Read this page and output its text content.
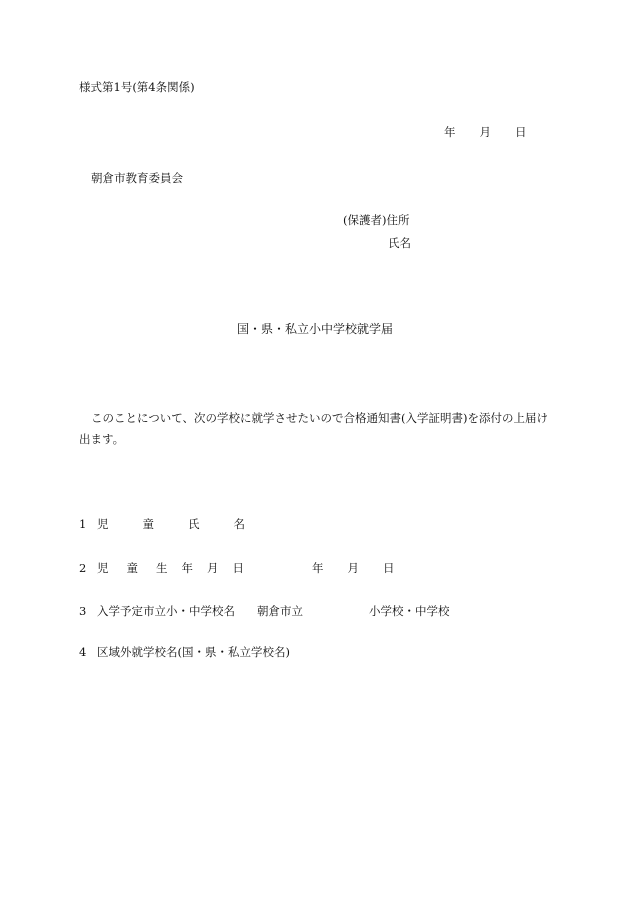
様式第1号(第4条関係)
年 月 日
朝倉市教育委員会
(保護者)住所
氏名
国・県・私立小中学校就学届
このことについて、次の学校に就学させたいので合格通知書(入学証明書)を添付の上届け出ます。
1 児	童	氏	名
2 児 童 生 年 月 日	年 月 日
3 入学予定市立小・中学校名 朝倉市立	小学校・中学校
4 区域外就学校名(国・県・私立学校名)
